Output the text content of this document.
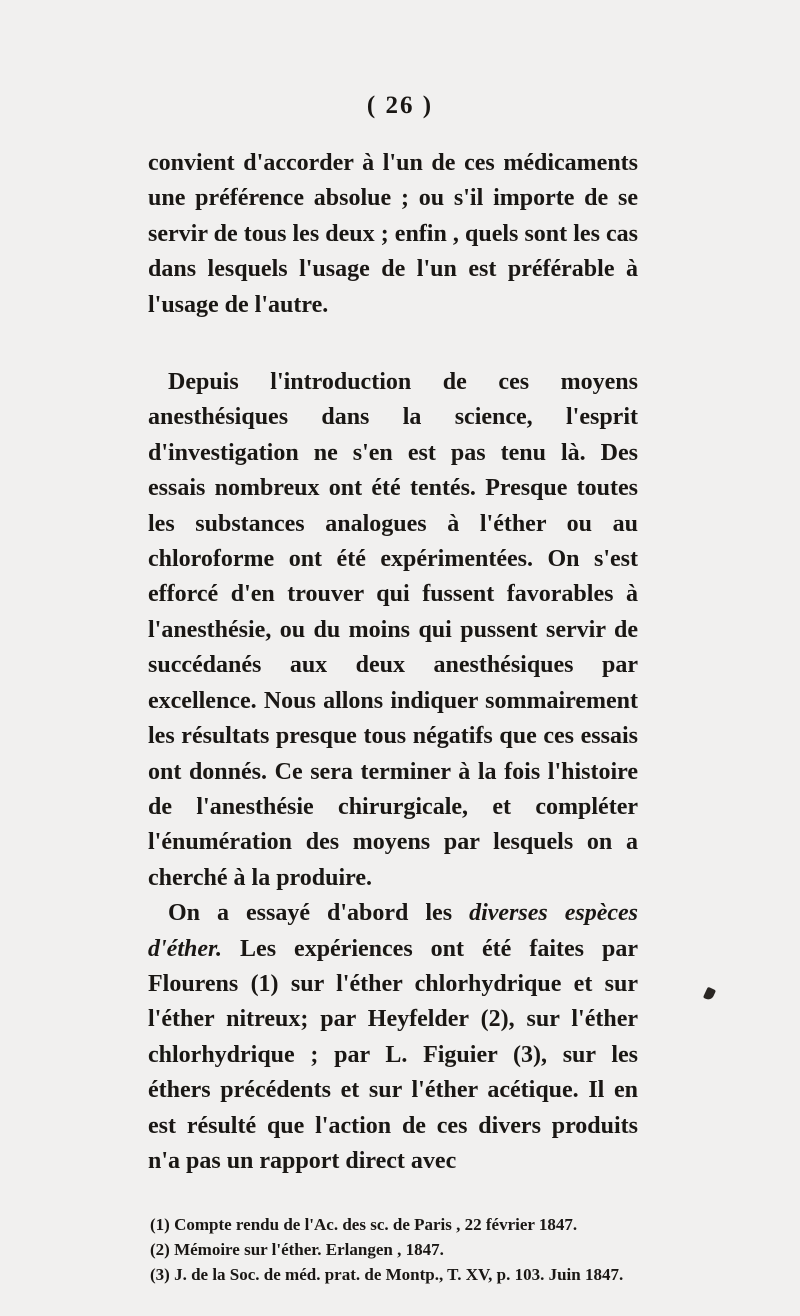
( 26 )

convient d'accorder à l'un de ces médicaments une préférence absolue ; ou s'il importe de se servir de tous les deux ; enfin , quels sont les cas dans lesquels l'usage de l'un est préférable à l'usage de l'autre.

Depuis l'introduction de ces moyens anesthésiques dans la science, l'esprit d'investigation ne s'en est pas tenu là. Des essais nombreux ont été tentés. Presque toutes les substances analogues à l'éther ou au chloroforme ont été expérimentées. On s'est efforcé d'en trouver qui fussent favorables à l'anesthésie, ou du moins qui pussent servir de succédanés aux deux anesthésiques par excellence. Nous allons indiquer sommairement les résultats presque tous négatifs que ces essais ont donnés. Ce sera terminer à la fois l'histoire de l'anesthésie chirurgicale, et compléter l'énumération des moyens par lesquels on a cherché à la produire.

On a essayé d'abord les diverses espèces d'éther. Les expériences ont été faites par Flourens (1) sur l'éther chlorhydrique et sur l'éther nitreux; par Heyfelder (2), sur l'éther chlorhydrique ; par L. Figuier (3), sur les éthers précédents et sur l'éther acétique. Il en est résulté que l'action de ces divers produits n'a pas un rapport direct avec

(1) Compte rendu de l'Ac. des sc. de Paris , 22 février 1847.

(2) Mémoire sur l'éther. Erlangen , 1847.

(3) J. de la Soc. de méd. prat. de Montp., T. XV, p. 103. Juin 1847.
